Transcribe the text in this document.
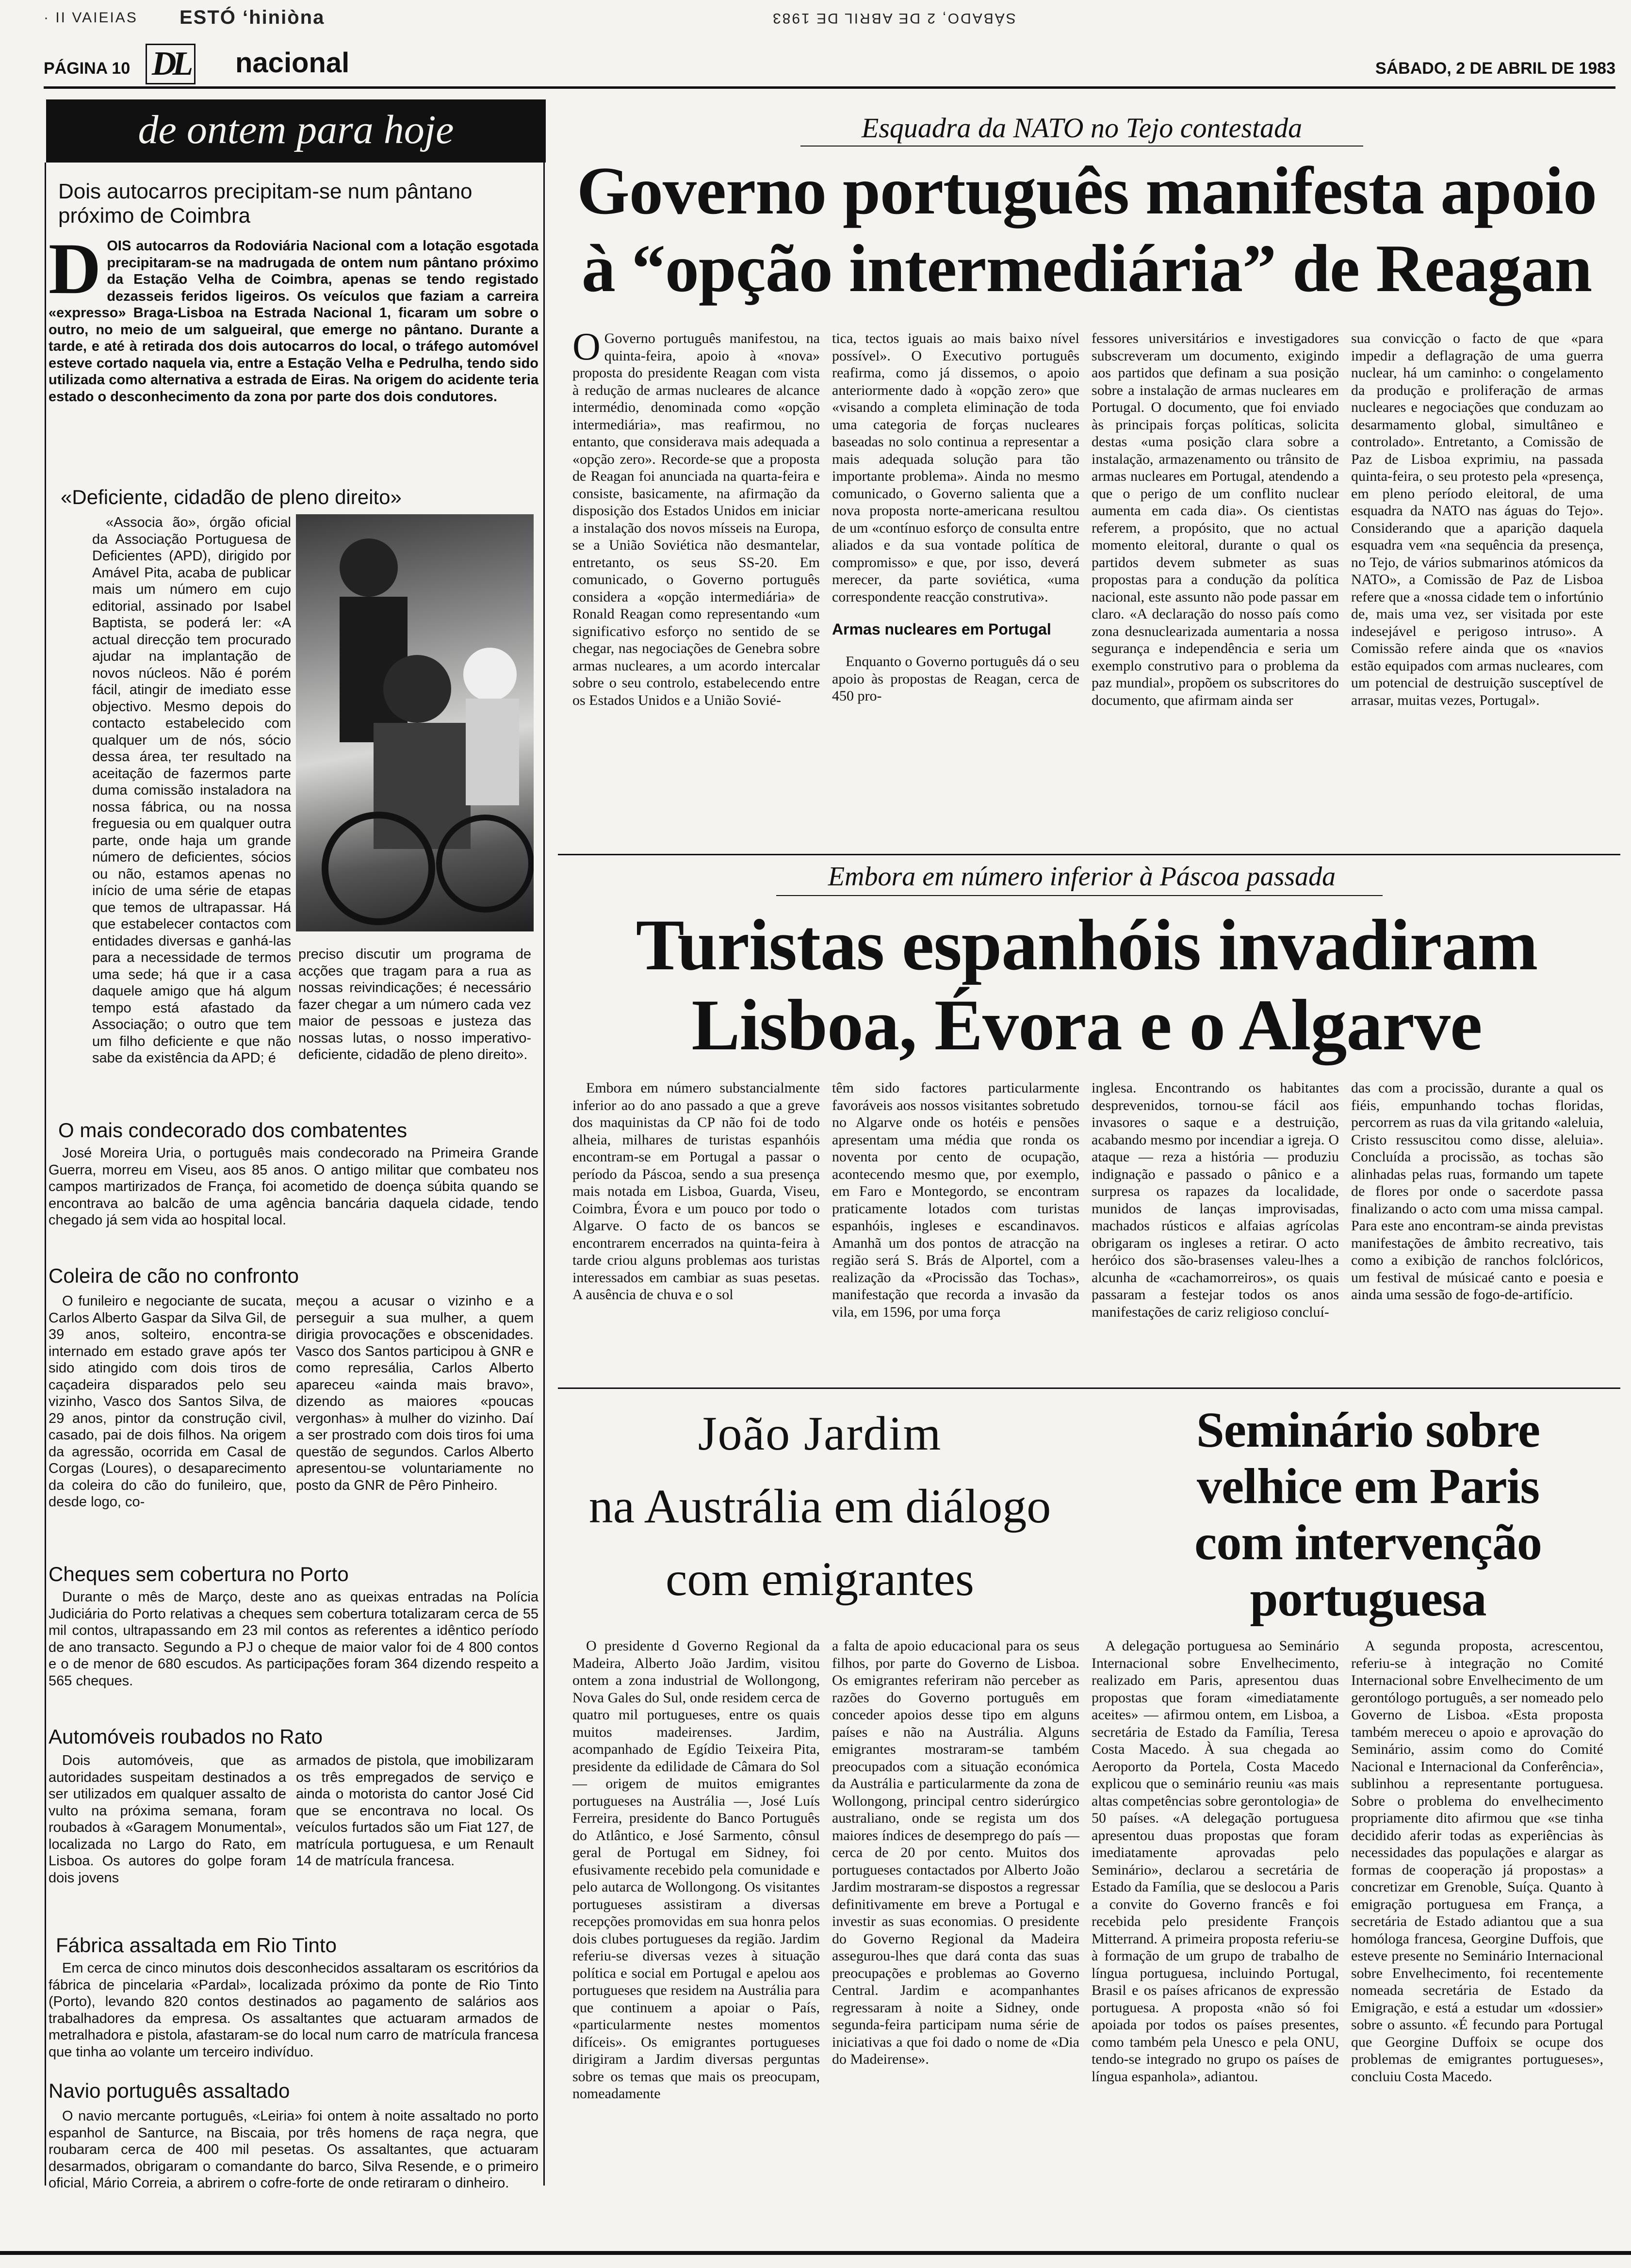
· II VAIEIAS ESTÓ ‘hiniòna	SÁBADO, 2 DE ABRIL DE 1983
PÁGINA 10 DL nacional	SÁBADO, 2 DE ABRIL DE 1983
de ontem para hoje
Dois autocarros precipitam-se num pântano próximo de Coimbra
D OIS autocarros da Rodoviária Nacional com a lotação esgotada precipitaram-se na madrugada de ontem num pântano próximo da Estação Velha de Coimbra, apenas se tendo registado dezasseis feridos ligeiros. Os veículos que faziam a carreira «expresso» Braga-Lisboa na Estrada Nacional 1, ficaram um sobre o outro, no meio de um salgueiral, que emerge no pântano. Durante a tarde, e até à retirada dos dois autocarros do local, o tráfego automóvel esteve cortado naquela via, entre a Estação Velha e Pedrulha, tendo sido utilizada como alternativa a estrada de Eiras. Na origem do acidente teria estado o desconhecimento da zona por parte dos dois condutores.
«Deficiente, cidadão de pleno direito»

«Associa ão», órgão oficial da Associação Portuguesa de Deficientes (APD), dirigido por Amável Pita, acaba de publicar mais um número em cujo editorial, assinado por Isabel Baptista, se poderá ler: «A actual direcção tem procurado ajudar na implantação de novos núcleos. Não é porém fácil, atingir de imediato esse objectivo. Mesmo depois do contacto estabelecido com qualquer um de nós, sócio dessa área, ter resultado na aceitação de fazermos parte duma comissão instaladora na nossa fábrica, ou na nossa freguesia ou em qualquer outra parte, onde haja um grande número de deficientes, sócios ou não, estamos apenas no início de uma série de etapas que temos de ultrapassar. Há que estabelecer contactos com entidades diversas e ganhá-las para a necessidade de termos uma sede; há que ir a casa daquele amigo que há algum tempo está afastado da Associação; o outro que tem um filho deficiente e que não sabe da existência da APD; é

preciso discutir um programa de acções que tragam para a rua as nossas reivindicações; é necessário fazer chegar a um número cada vez maior de pessoas e justeza das nossas lutas, o nosso imperativo-deficiente, cidadão de pleno direito».

O mais condecorado dos combatentes

José Moreira Uria, o português mais condecorado na Primeira Grande Guerra, morreu em Viseu, aos 85 anos. O antigo militar que combateu nos campos martirizados de França, foi acometido de doença súbita quando se encontrava ao balcão de uma agência bancária daquela cidade, tendo chegado já sem vida ao hospital local.

Coleira de cão no confronto

O funileiro e negociante de sucata, Carlos Alberto Gaspar da Silva Gil, de 39 anos, solteiro, encontra-se internado em estado grave após ter sido atingido com dois tiros de caçadeira disparados pelo seu vizinho, Vasco dos Santos Silva, de 29 anos, pintor da construção civil, casado, pai de dois filhos. Na origem da agressão, ocorrida em Casal de Corgas (Loures), o desaparecimento da coleira do cão do funileiro, que, desde logo, co-

meçou a acusar o vizinho e a perseguir a sua mulher, a quem dirigia provocações e obscenidades. Vasco dos Santos participou à GNR e como represália, Carlos Alberto apareceu «ainda mais bravo», dizendo as maiores «poucas vergonhas» à mulher do vizinho. Daí a ser prostrado com dois tiros foi uma questão de segundos. Carlos Alberto apresentou-se voluntariamente no posto da GNR de Pêro Pinheiro.

Cheques sem cobertura no Porto

Durante o mês de Março, deste ano as queixas entradas na Polícia Judiciária do Porto relativas a cheques sem cobertura totalizaram cerca de 55 mil contos, ultrapassando em 23 mil contos as referentes a idêntico período de ano transacto. Segundo a PJ o cheque de maior valor foi de 4 800 contos e o de menor de 680 escudos. As participações foram 364 dizendo respeito a 565 cheques.

Automóveis roubados no Rato

Dois automóveis, que as autoridades suspeitam destinados a ser utilizados em qualquer assalto de vulto na próxima semana, foram roubados à «Garagem Monumental», localizada no Largo do Rato, em Lisboa. Os autores do golpe foram dois jovens

armados de pistola, que imobilizaram os três empregados de serviço e ainda o motorista do cantor José Cid que se encontrava no local. Os veículos furtados são um Fiat 127, de matrícula portuguesa, e um Renault 14 de matrícula francesa.

Fábrica assaltada em Rio Tinto

Em cerca de cinco minutos dois desconhecidos assaltaram os escritórios da fábrica de pincelaria «Pardal», localizada próximo da ponte de Rio Tinto (Porto), levando 820 contos destinados ao pagamento de salários aos trabalhadores da empresa. Os assaltantes que actuaram armados de metralhadora e pistola, afastaram-se do local num carro de matrícula francesa que tinha ao volante um terceiro indivíduo.

Navio português assaltado

O navio mercante português, «Leiria» foi ontem à noite assaltado no porto espanhol de Santurce, na Biscaia, por três homens de raça negra, que roubaram cerca de 400 mil pesetas. Os assaltantes, que actuaram desarmados, obrigaram o comandante do barco, Silva Resende, e o primeiro oficial, Mário Correia, a abrirem o cofre-forte de onde retiraram o dinheiro.

Esquadra da NATO no Tejo contestada
Governo português manifesta apoio
à “opção intermediária” de Reagan
O Governo português manifestou, na quinta-feira, apoio à «nova» proposta do presidente Reagan com vista à redução de armas nucleares de alcance intermédio, denominada como «opção intermediária», mas reafirmou, no entanto, que considerava mais adequada a «opção zero». Recorde-se que a proposta de Reagan foi anunciada na quarta-feira e consiste, basicamente, na afirmação da disposição dos Estados Unidos em iniciar a instalação dos novos mísseis na Europa, se a União Soviética não desmantelar, entretanto, os seus SS-20. Em comunicado, o Governo português considera a «opção intermediária» de Ronald Reagan como representando «um significativo esforço no sentido de se chegar, nas negociações de Genebra sobre armas nucleares, a um acordo intercalar sobre o seu controlo, estabelecendo entre os Estados Unidos e a União Sovié-

tica, tectos iguais ao mais baixo nível possível». O Executivo português reafirma, como já dissemos, o apoio anteriormente dado à «opção zero» que «visando a completa eliminação de toda uma categoria de forças nucleares baseadas no solo continua a representar a mais adequada solução para tão importante problema». Ainda no mesmo comunicado, o Governo salienta que a nova proposta norte-americana resultou de um «contínuo esforço de consulta entre aliados e da sua vontade política de compromisso» e que, por isso, deverá merecer, da parte soviética, «uma correspondente reacção construtiva».

Armas nucleares em Portugal

Enquanto o Governo português dá o seu apoio às propostas de Reagan, cerca de 450 pro-

fessores universitários e investigadores subscreveram um documento, exigindo aos partidos que definam a sua posição sobre a instalação de armas nucleares em Portugal. O documento, que foi enviado às principais forças políticas, solicita destas «uma posição clara sobre a instalação, armazenamento ou trânsito de armas nucleares em Portugal, atendendo a que o perigo de um conflito nuclear aumenta em cada dia». Os cientistas referem, a propósito, que no actual momento eleitoral, durante o qual os partidos devem submeter as suas propostas para a condução da política nacional, este assunto não pode passar em claro. «A declaração do nosso país como zona desnuclearizada aumentaria a nossa segurança e independência e seria um exemplo construtivo para o problema da paz mundial», propõem os subscritores do documento, que afirmam ainda ser

sua convicção o facto de que «para impedir a deflagração de uma guerra nuclear, há um caminho: o congelamento da produção e proliferação de armas nucleares e negociações que conduzam ao desarmamento global, simultâneo e controlado». Entretanto, a Comissão de Paz de Lisboa exprimiu, na passada quinta-feira, o seu protesto pela «presença, em pleno período eleitoral, de uma esquadra da NATO nas águas do Tejo». Considerando que a aparição daquela esquadra vem «na sequência da presença, no Tejo, de vários submarinos atómicos da NATO», a Comissão de Paz de Lisboa refere que a «nossa cidade tem o infortúnio de, mais uma vez, ser visitada por este indesejável e perigoso intruso». A Comissão refere ainda que os «navios estão equipados com armas nucleares, com um potencial de destruição susceptível de arrasar, muitas vezes, Portugal».

Embora em número inferior à Páscoa passada
Turistas espanhóis invadiram
Lisboa, Évora e o Algarve

Embora em número substancialmente inferior ao do ano passado a que a greve dos maquinistas da CP não foi de todo alheia, milhares de turistas espanhóis encontram-se em Portugal a passar o período da Páscoa, sendo a sua presença mais notada em Lisboa, Guarda, Viseu, Coimbra, Évora e um pouco por todo o Algarve. O facto de os bancos se encontrarem encerrados na quinta-feira à tarde criou alguns problemas aos turistas interessados em cambiar as suas pesetas. A ausência de chuva e o sol

têm sido factores particularmente favoráveis aos nossos visitantes sobretudo no Algarve onde os hotéis e pensões apresentam uma média que ronda os noventa por cento de ocupação, acontecendo mesmo que, por exemplo, em Faro e Montegordo, se encontram praticamente lotados com turistas espanhóis, ingleses e escandinavos. Amanhã um dos pontos de atracção na região será S. Brás de Alportel, com a realização da «Procissão das Tochas», manifestação que recorda a invasão da vila, em 1596, por uma força

inglesa. Encontrando os habitantes desprevenidos, tornou-se fácil aos invasores o saque e a destruição, acabando mesmo por incendiar a igreja. O ataque — reza a história — produziu indignação e passado o pânico e a surpresa os rapazes da localidade, munidos de lanças improvisadas, machados rústicos e alfaias agrícolas obrigaram os ingleses a retirar. O acto heróico dos são-brasenses valeu-lhes a alcunha de «cachamorreiros», os quais passaram a festejar todos os anos manifestações de cariz religioso concluí-

das com a procissão, durante a qual os fiéis, empunhando tochas floridas, percorrem as ruas da vila gritando «aleluia, Cristo ressuscitou como disse, aleluia». Concluída a procissão, as tochas são alinhadas pelas ruas, formando um tapete de flores por onde o sacerdote passa finalizando o acto com uma missa campal. Para este ano encontram-se ainda previstas manifestações de âmbito recreativo, tais como a exibição de ranchos folclóricos, um festival de músicaé canto e poesia e ainda uma sessão de fogo-de-artifício.

João Jardim
na Austrália em diálogo
com emigrantes

O presidente d Governo Regional da Madeira, Alberto João Jardim, visitou ontem a zona industrial de Wollongong, Nova Gales do Sul, onde residem cerca de quatro mil portugueses, entre os quais muitos madeirenses. Jardim, acompanhado de Egídio Teixeira Pita, presidente da edilidade de Câmara do Sol — origem de muitos emigrantes portugueses na Austrália —, José Luís Ferreira, presidente do Banco Português do Atlântico, e José Sarmento, cônsul geral de Portugal em Sidney, foi efusivamente recebido pela comunidade e pelo autarca de Wollongong. Os visitantes portugueses assistiram a diversas recepções promovidas em sua honra pelos dois clubes portugueses da região. Jardim referiu-se diversas vezes à situação política e social em Portugal e apelou aos portugueses que residem na Austrália para que continuem a apoiar o País, «particularmente nestes momentos difíceis». Os emigrantes portugueses dirigiram a Jardim diversas perguntas sobre os temas que mais os preocupam, nomeadamente

a falta de apoio educacional para os seus filhos, por parte do Governo de Lisboa. Os emigrantes referiram não perceber as razões do Governo português em conceder apoios desse tipo em alguns países e não na Austrália. Alguns emigrantes mostraram-se também preocupados com a situação económica da Austrália e particularmente da zona de Wollongong, principal centro siderúrgico australiano, onde se regista um dos maiores índices de desemprego do país — cerca de 20 por cento. Muitos dos portugueses contactados por Alberto João Jardim mostraram-se dispostos a regressar definitivamente em breve a Portugal e investir as suas economias. O presidente do Governo Regional da Madeira assegurou-lhes que dará conta das suas preocupações e problemas ao Governo Central. Jardim e acompanhantes regressaram à noite a Sidney, onde segunda-feira participam numa série de iniciativas a que foi dado o nome de «Dia do Madeirense».

Seminário sobre velhice em Paris com intervenção portuguesa

A delegação portuguesa ao Seminário Internacional sobre Envelhecimento, realizado em Paris, apresentou duas propostas que foram «imediatamente aceites» — afirmou ontem, em Lisboa, a secretária de Estado da Família, Teresa Costa Macedo. À sua chegada ao Aeroporto da Portela, Costa Macedo explicou que o seminário reuniu «as mais altas competências sobre gerontologia» de 50 países. «A delegação portuguesa apresentou duas propostas que foram imediatamente aprovadas pelo Seminário», declarou a secretária de Estado da Família, que se deslocou a Paris a convite do Governo francês e foi recebida pelo presidente François Mitterrand. A primeira proposta referiu-se à formação de um grupo de trabalho de língua portuguesa, incluindo Portugal, Brasil e os países africanos de expressão portuguesa. A proposta «não só foi apoiada por todos os países presentes, como também pela Unesco e pela ONU, tendo-se integrado no grupo os países de língua espanhola», adiantou.

A segunda proposta, acrescentou, referiu-se à integração no Comité Internacional sobre Envelhecimento de um gerontólogo português, a ser nomeado pelo Governo de Lisboa. «Esta proposta também mereceu o apoio e aprovação do Seminário, assim como do Comité Nacional e Internacional da Conferência», sublinhou a representante portuguesa. Sobre o problema do envelhecimento propriamente dito afirmou que «se tinha decidido aferir todas as experiências às necessidades das populações e alargar as formas de cooperação já propostas» a concretizar em Grenoble, Suíça. Quanto à emigração portuguesa em França, a secretária de Estado adiantou que a sua homóloga francesa, Georgine Duffois, que esteve presente no Seminário Internacional sobre Envelhecimento, foi recentemente nomeada secretária de Estado da Emigração, e está a estudar um «dossier» sobre o assunto. «É fecundo para Portugal que Georgine Duffoix se ocupe dos problemas de emigrantes portugueses», concluiu Costa Macedo.
